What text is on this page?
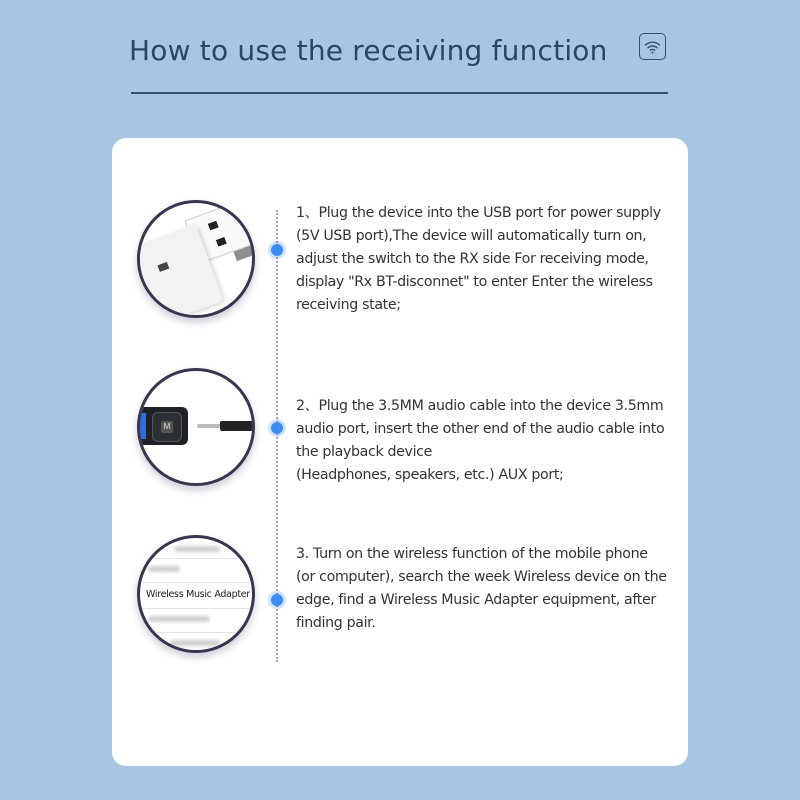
How to use the receiving function
M
Wireless Music Adapter
1、Plug the device into the USB port for power supply
(5V USB port),The device will automatically turn on,
adjust the switch to the RX side For receiving mode,
display "Rx BT-disconnet" to enter Enter the wireless
receiving state;
2、Plug the 3.5MM audio cable into the device 3.5mm
audio port, insert the other end of the audio cable into
the playback device
(Headphones, speakers, etc.) AUX port;
3. Turn on the wireless function of the mobile phone
(or computer), search the week Wireless device on the
edge, find a Wireless Music Adapter equipment, after
finding pair.
